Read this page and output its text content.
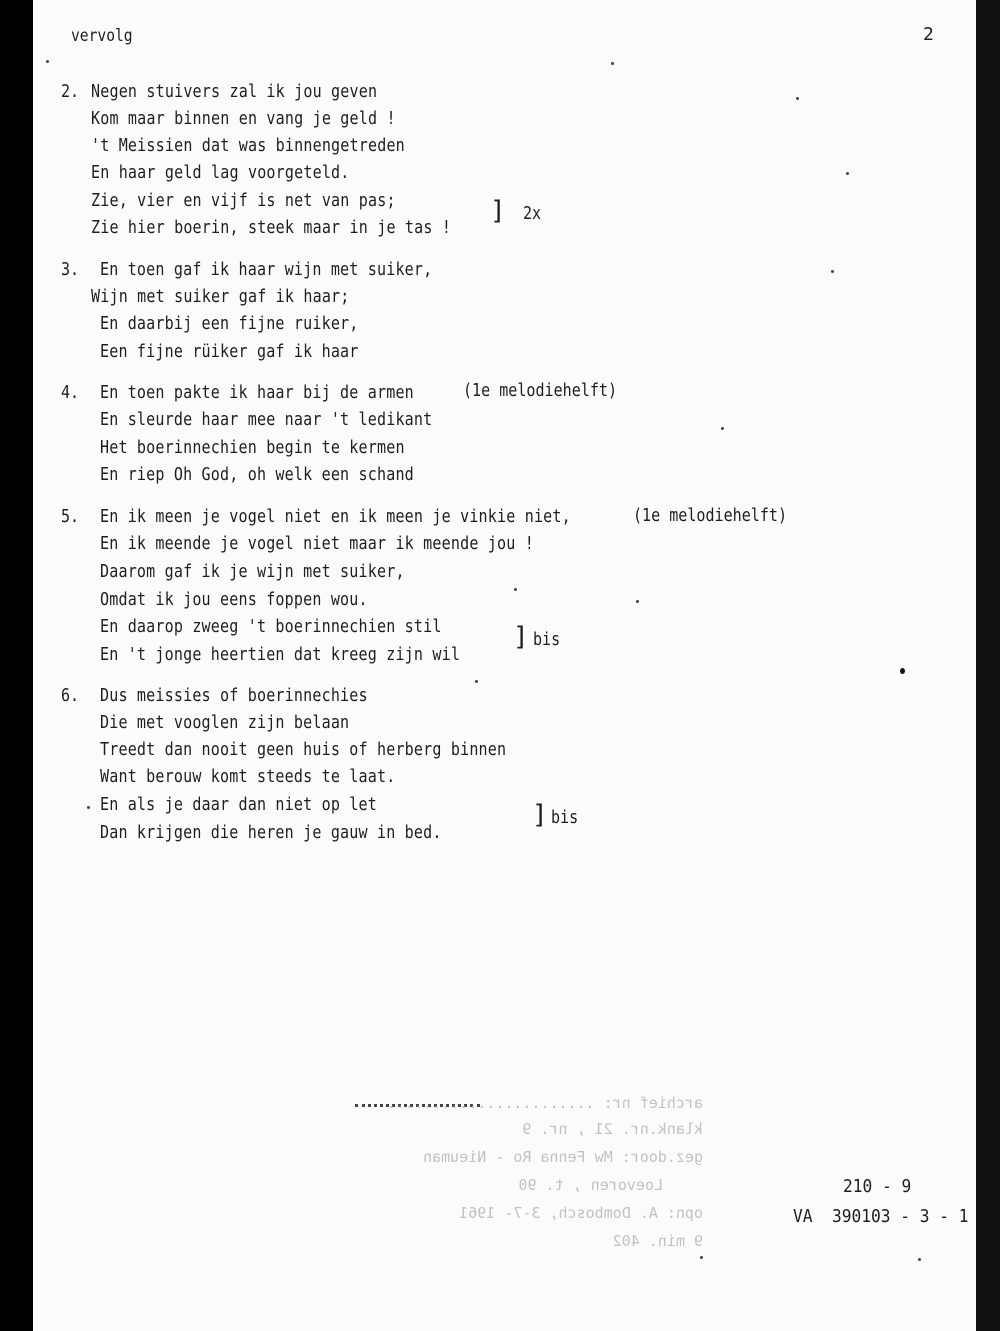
vervolg	2
2. Negen stuivers zal ik jou geven
Kom maar binnen en vang je geld !
't Meissien dat was binnengetreden
En haar geld lag voorgeteld.
Zie, vier en vijf is net van pas;
Zie hier boerin, steek maar in je tas !
] 2x
3. En toen gaf ik haar wijn met suiker,
Wijn met suiker gaf ik haar;
En daarbij een fijne ruiker,
Een fijne rüiker gaf ik haar
4. En toen pakte ik haar bij de armen	(1e melodiehelft)
En sleurde haar mee naar 't ledikant
Het boerinnechien begin te kermen
En riep Oh God, oh welk een schand
5. En ik meen je vogel niet en ik meen je vinkie niet,	(1e melodiehelft)
En ik meende je vogel niet maar ik meende jou !
Daarom gaf ik je wijn met suiker,
Omdat ik jou eens foppen wou.
En daarop zweeg 't boerinnechien stil
En 't jonge heertien dat kreeg zijn wil
] bis
6. Dus meissies of boerinnechies
Die met vooglen zijn belaan
Treedt dan nooit geen huis of herberg binnen
Want berouw komt steeds te laat.
En als je daar dan niet op let
Dan krijgen die heren je gauw in bed.
] bis
archief nr: .......................
klank.nr. 21 , nr. 9
gez.door: Mw Fenna Ro - Nieuman
Loevoren , t. 90
opn: A. Dombosch, 3-7- 1961
9 min. 402
210 - 9
VA  390103 - 3 - 1
